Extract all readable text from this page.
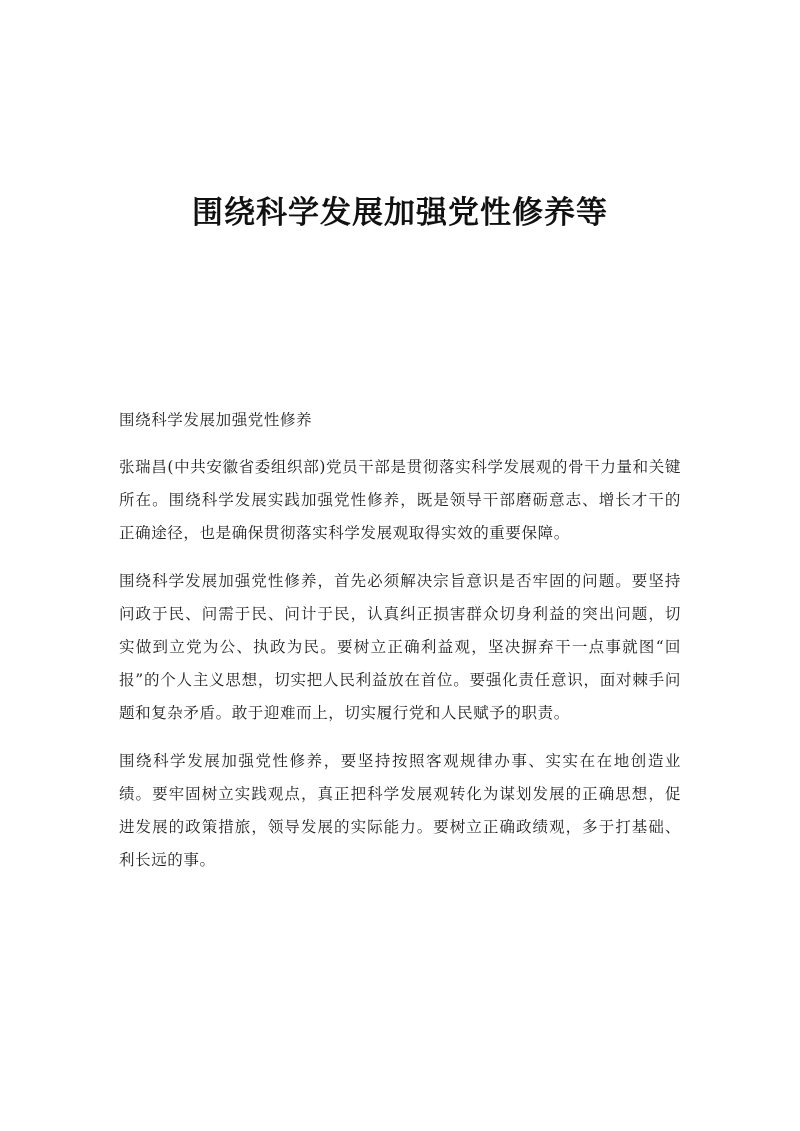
围绕科学发展加强党性修养等

围绕科学发展加强党性修养

张瑞昌(中共安徽省委组织部)党员干部是贯彻落实科学发展观的骨干力量和关键所在。围绕科学发展实践加强党性修养，既是领导干部磨砺意志、增长才干的正确途径，也是确保贯彻落实科学发展观取得实效的重要保障。

围绕科学发展加强党性修养，首先必须解决宗旨意识是否牢固的问题。要坚持问政于民、问需于民、问计于民，认真纠正损害群众切身利益的突出问题，切实做到立党为公、执政为民。要树立正确利益观，坚决摒弃干一点事就图“回报”的个人主义思想，切实把人民利益放在首位。要强化责任意识，面对棘手问题和复杂矛盾。敢于迎难而上，切实履行党和人民赋予的职责。

围绕科学发展加强党性修养，要坚持按照客观规律办事、实实在在地创造业绩。要牢固树立实践观点，真正把科学发展观转化为谋划发展的正确思想，促进发展的政策措旅，领导发展的实际能力。要树立正确政绩观，多于打基础、利长远的事。
